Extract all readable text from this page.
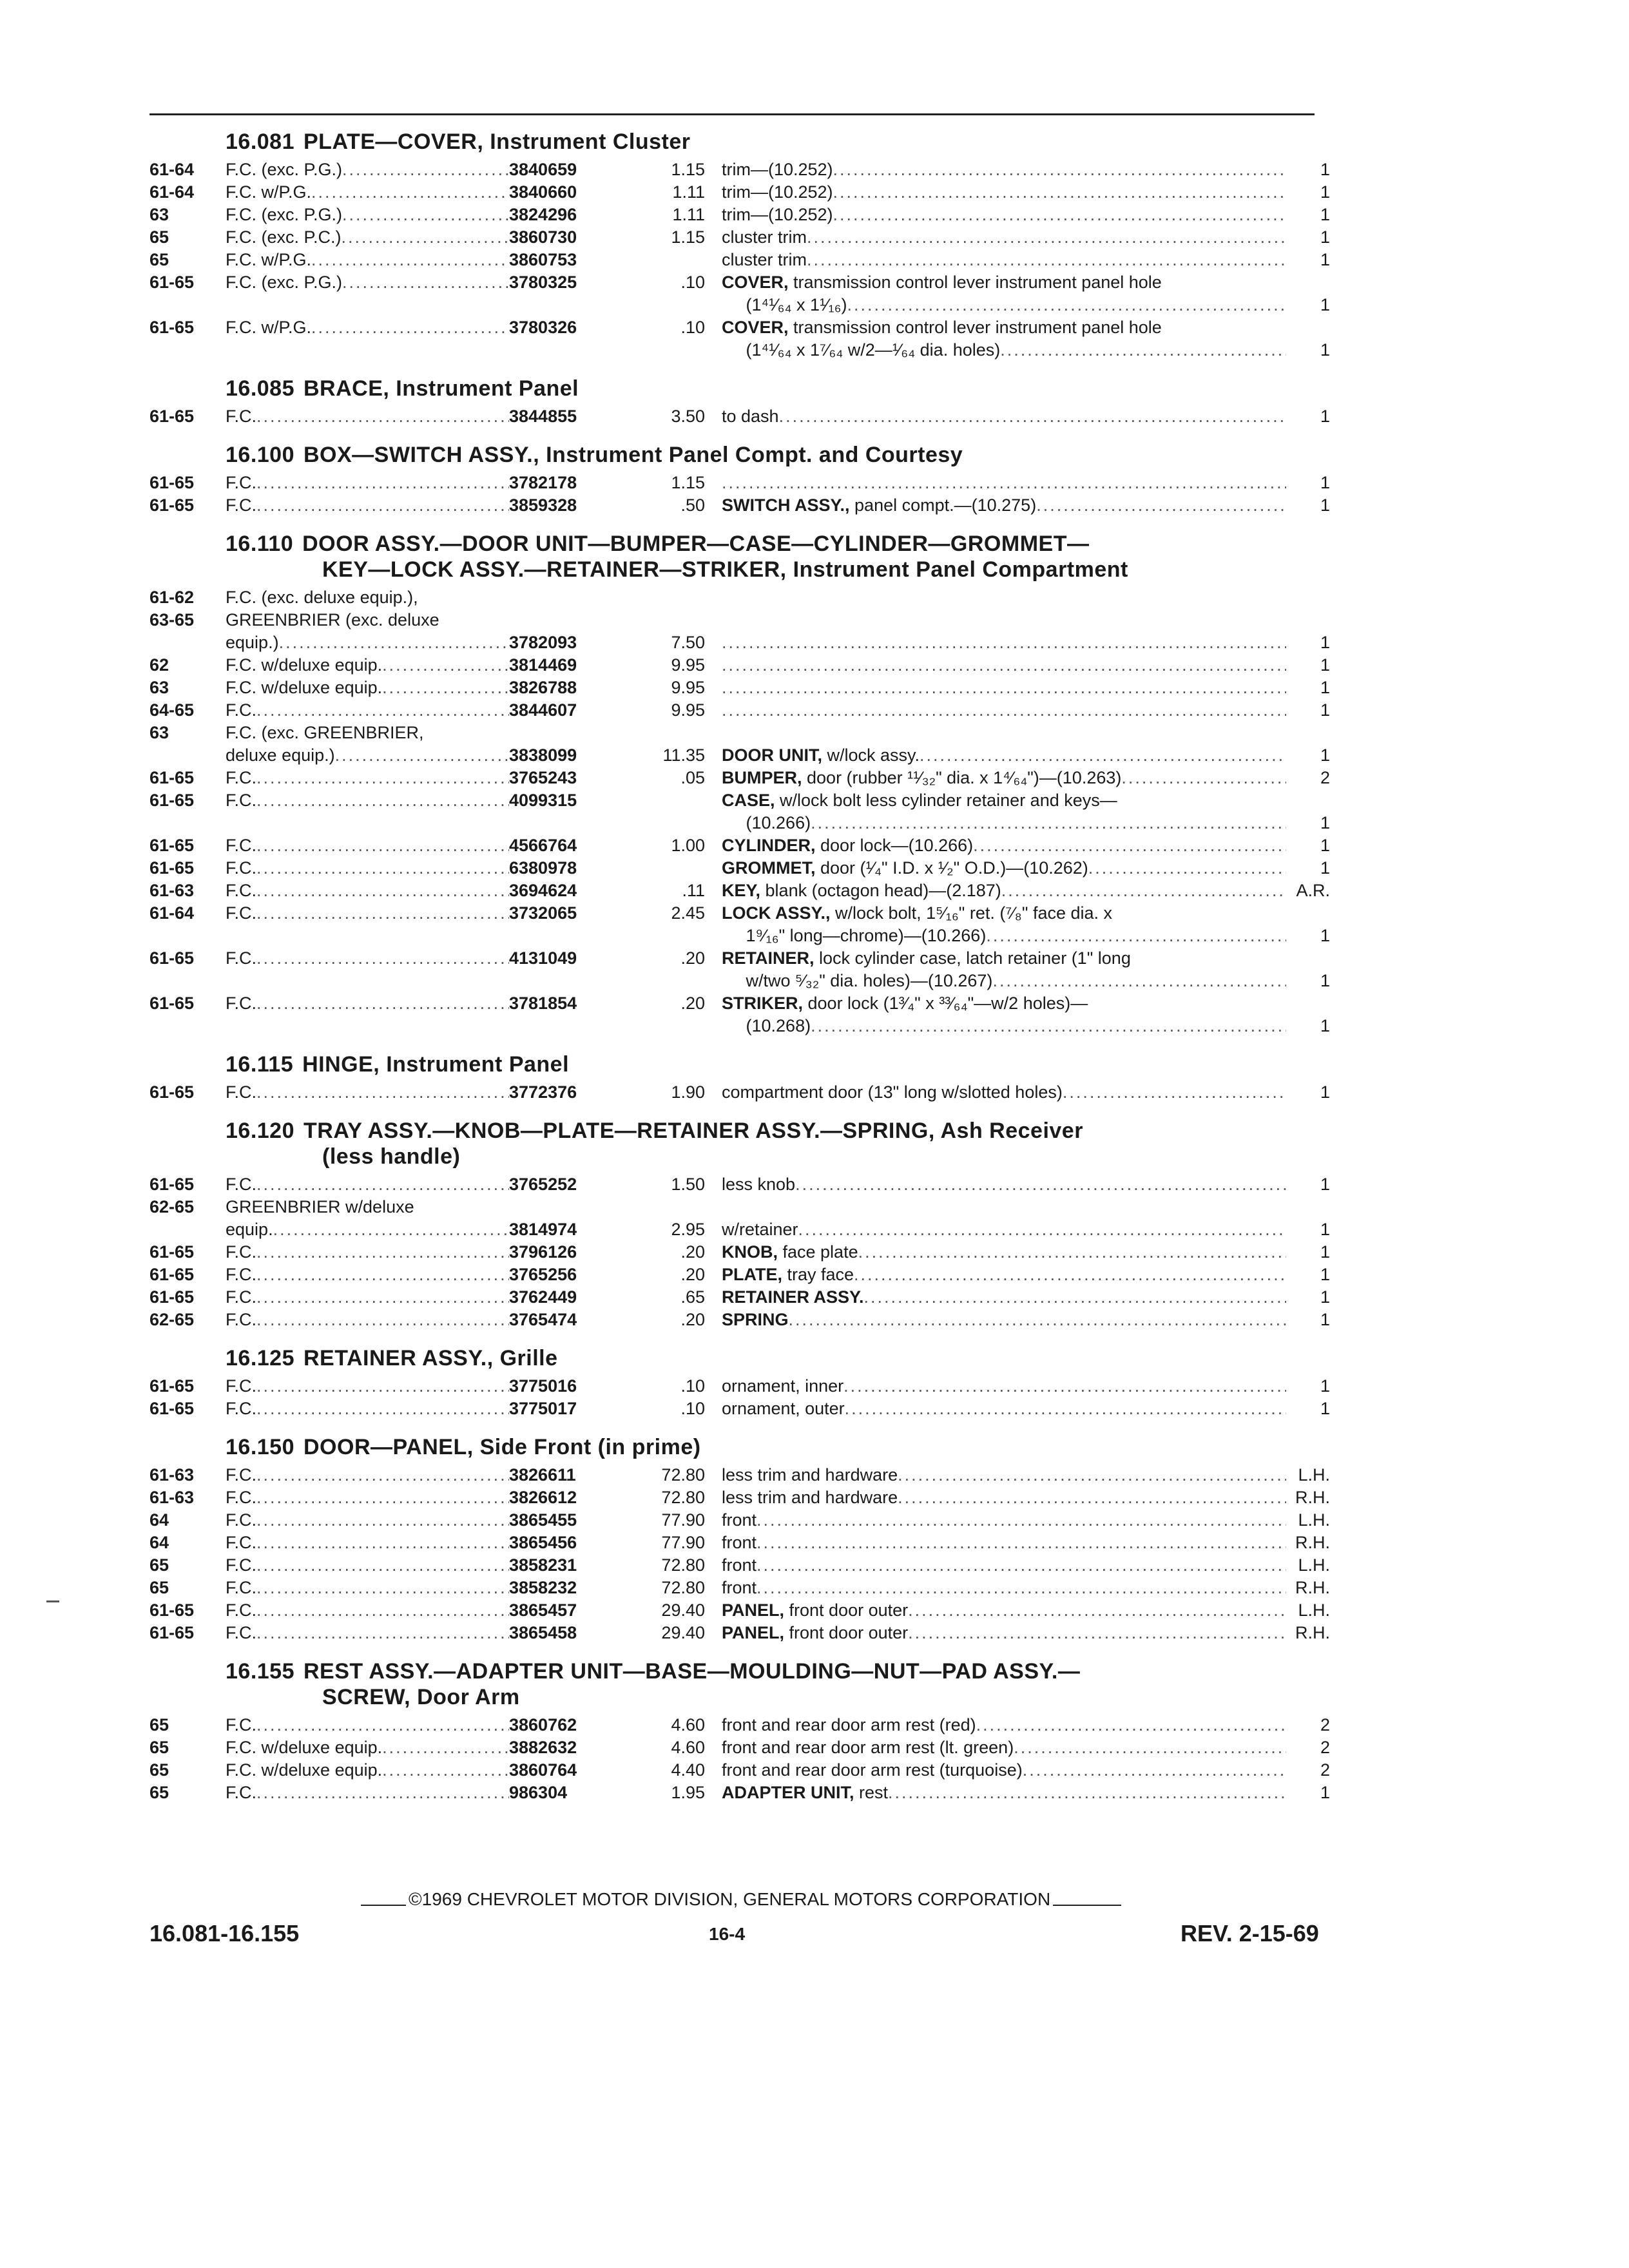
16.081 PLATE—COVER, Instrument Cluster
61-64	F.C. (exc. P.G.) .....	3840659	1.15 trim—(10.252) .....	1
61-64	F.C. w/P.G. .....	3840660	1.11 trim—(10.252) .....	1
63	F.C. (exc. P.G.) .....	3824296	1.11 trim—(10.252) .....	1
65	F.C. (exc. P.C.) .....	3860730	1.15 cluster trim .....	1
65	F.C. w/P.G. .....	3860753	cluster trim .....	1
61-65	F.C. (exc. P.G.) .....	3780325	.10 COVER, transmission control lever instrument panel hole
(1⁴¹⁄₆₄ x 1¹⁄₁₆) .....	1
61-65	F.C. w/P.G. .....	3780326	.10 COVER, transmission control lever instrument panel hole
(1⁴¹⁄₆₄ x 1⁷⁄₆₄ w/2—¹⁄₆₄ dia. holes) .....	1
16.085 BRACE, Instrument Panel
61-65	F.C. .....	3844855	3.50 to dash .....	1
16.100 BOX—SWITCH ASSY., Instrument Panel Compt. and Courtesy
61-65	F.C. .....	3782178	1.15 .....	1
61-65	F.C. .....	3859328	.50 SWITCH ASSY., panel compt.—(10.275) .....	1
16.110 DOOR ASSY.—DOOR UNIT—BUMPER—CASE—CYLINDER—GROMMET—
KEY—LOCK ASSY.—RETAINER—STRIKER, Instrument Panel Compartment
61-62	F.C. (exc. deluxe equip.),
63-65	GREENBRIER (exc. deluxe
equip.) .....	3782093	7.50 .....	1
62	F.C. w/deluxe equip. .....	3814469	9.95 .....	1
63	F.C. w/deluxe equip. .....	3826788	9.95 .....	1
64-65	F.C. .....	3844607	9.95 .....	1
63	F.C. (exc. GREENBRIER,
deluxe equip.) .....	3838099	11.35 DOOR UNIT, w/lock assy. .....	1
61-65	F.C. .....	3765243	.05 BUMPER, door (rubber ¹¹⁄₃₂" dia. x 1⁴⁄₆₄")—(10.263) .....	2
61-65	F.C. .....	4099315	CASE, w/lock bolt less cylinder retainer and keys—
(10.266) .....	1
61-65	F.C. .....	4566764	1.00 CYLINDER, door lock—(10.266) .....	1
61-65	F.C. .....	6380978	GROMMET, door (¹⁄₄" I.D. x ¹⁄₂" O.D.)—(10.262) .....	1
61-63	F.C. .....	3694624	.11 KEY, blank (octagon head)—(2.187) .....	A.R.
61-64	F.C. .....	3732065	2.45 LOCK ASSY., w/lock bolt, 1⁵⁄₁₆" ret. (⁷⁄₈" face dia. x
1⁹⁄₁₆" long—chrome)—(10.266) .....	1
61-65	F.C. .....	4131049	.20 RETAINER, lock cylinder case, latch retainer (1" long
w/two ⁵⁄₃₂" dia. holes)—(10.267) .....	1
61-65	F.C. .....	3781854	.20 STRIKER, door lock (1³⁄₄" x ³³⁄₆₄"—w/2 holes)—
(10.268) .....	1
16.115 HINGE, Instrument Panel
61-65	F.C. .....	3772376	1.90 compartment door (13" long w/slotted holes) .....	1
16.120 TRAY ASSY.—KNOB—PLATE—RETAINER ASSY.—SPRING, Ash Receiver
(less handle)
61-65	F.C. .....	3765252	1.50 less knob .....	1
62-65	GREENBRIER w/deluxe
equip. .....	3814974	2.95 w/retainer .....	1
61-65	F.C. .....	3796126	.20 KNOB, face plate .....	1
61-65	F.C. .....	3765256	.20 PLATE, tray face .....	1
61-65	F.C. .....	3762449	.65 RETAINER ASSY. .....	1
62-65	F.C. .....	3765474	.20 SPRING .....	1
16.125 RETAINER ASSY., Grille
61-65	F.C. .....	3775016	.10 ornament, inner .....	1
61-65	F.C. .....	3775017	.10 ornament, outer .....	1
16.150 DOOR—PANEL, Side Front (in prime)
61-63	F.C. .....	3826611	72.80 less trim and hardware .....	L.H.
61-63	F.C. .....	3826612	72.80 less trim and hardware .....	R.H.
64	F.C. .....	3865455	77.90 front .....	L.H.
64	F.C. .....	3865456	77.90 front .....	R.H.
65	F.C. .....	3858231	72.80 front .....	L.H.
65	F.C. .....	3858232	72.80 front .....	R.H.
61-65	F.C. .....	3865457	29.40 PANEL, front door outer .....	L.H.
61-65	F.C. .....	3865458	29.40 PANEL, front door outer .....	R.H.
16.155 REST ASSY.—ADAPTER UNIT—BASE—MOULDING—NUT—PAD ASSY.—
SCREW, Door Arm
65	F.C. .....	3860762	4.60 front and rear door arm rest (red) .....	2
65	F.C. w/deluxe equip. .....	3882632	4.60 front and rear door arm rest (lt. green) .....	2
65	F.C. w/deluxe equip. .....	3860764	4.40 front and rear door arm rest (turquoise) .....	2
65	F.C. .....	986304	1.95 ADAPTER UNIT, rest .....	1
©1969 CHEVROLET MOTOR DIVISION, GENERAL MOTORS CORPORATION
16.081-16.155	16-4	REV. 2-15-69
